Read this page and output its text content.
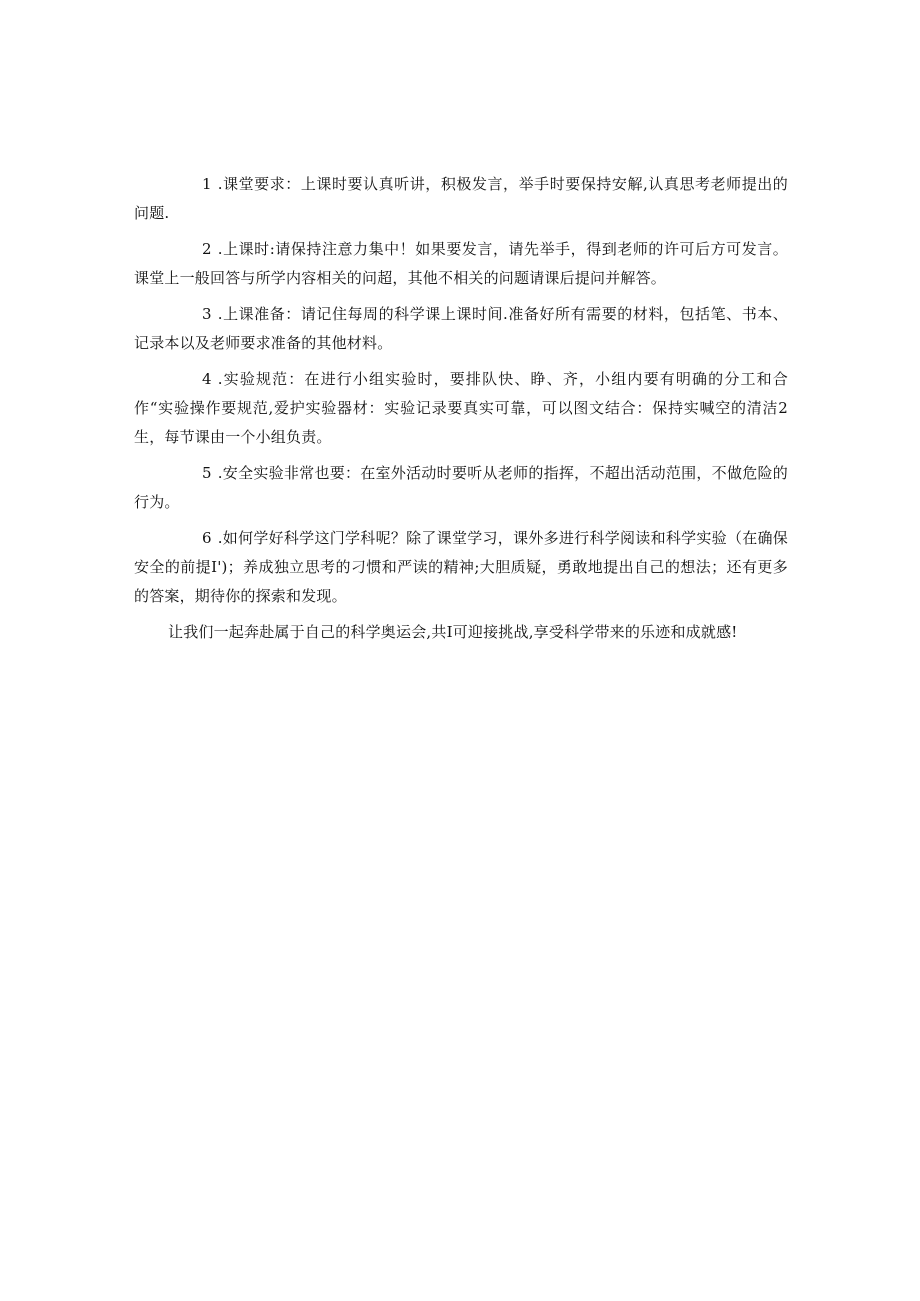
1 .课堂要求：上课时要认真听讲，积极发言，举手时要保持安解,认真思考老师提出的问题.

2 .上课时:请保持注意力集中！如果要发言，请先举手，得到老师的许可后方可发言。课堂上一般回答与所学内容相关的问超，其他不相关的问题请课后提问并解答。

3 .上课准备：请记住每周的科学课上课时间.准备好所有需要的材料，包括笔、书本、记录本以及老师要求准备的其他材料。

4 .实验规范：在进行小组实验时，要排队快、睁、齐，小组内要有明确的分工和合作“实验操作要规范,爱护实验器材：实验记录要真实可靠，可以图文结合：保持实喊空的清洁2生，每节课由一个小组负责。

5 .安全实验非常也要：在室外活动时要听从老师的指挥，不超出活动范围，不做危险的行为。

6 .如何学好科学这门学科呢？除了课堂学习，课外多进行科学阅读和科学实验（在确保安全的前提I')；养成独立思考的刁惯和严读的精神;大胆质疑，勇敢地提出自己的想法；还有更多的答案，期待你的探索和发现。

让我们一起奔赴属于自己的科学奥运会,共I可迎接挑战,享受科学带来的乐迹和成就感!
